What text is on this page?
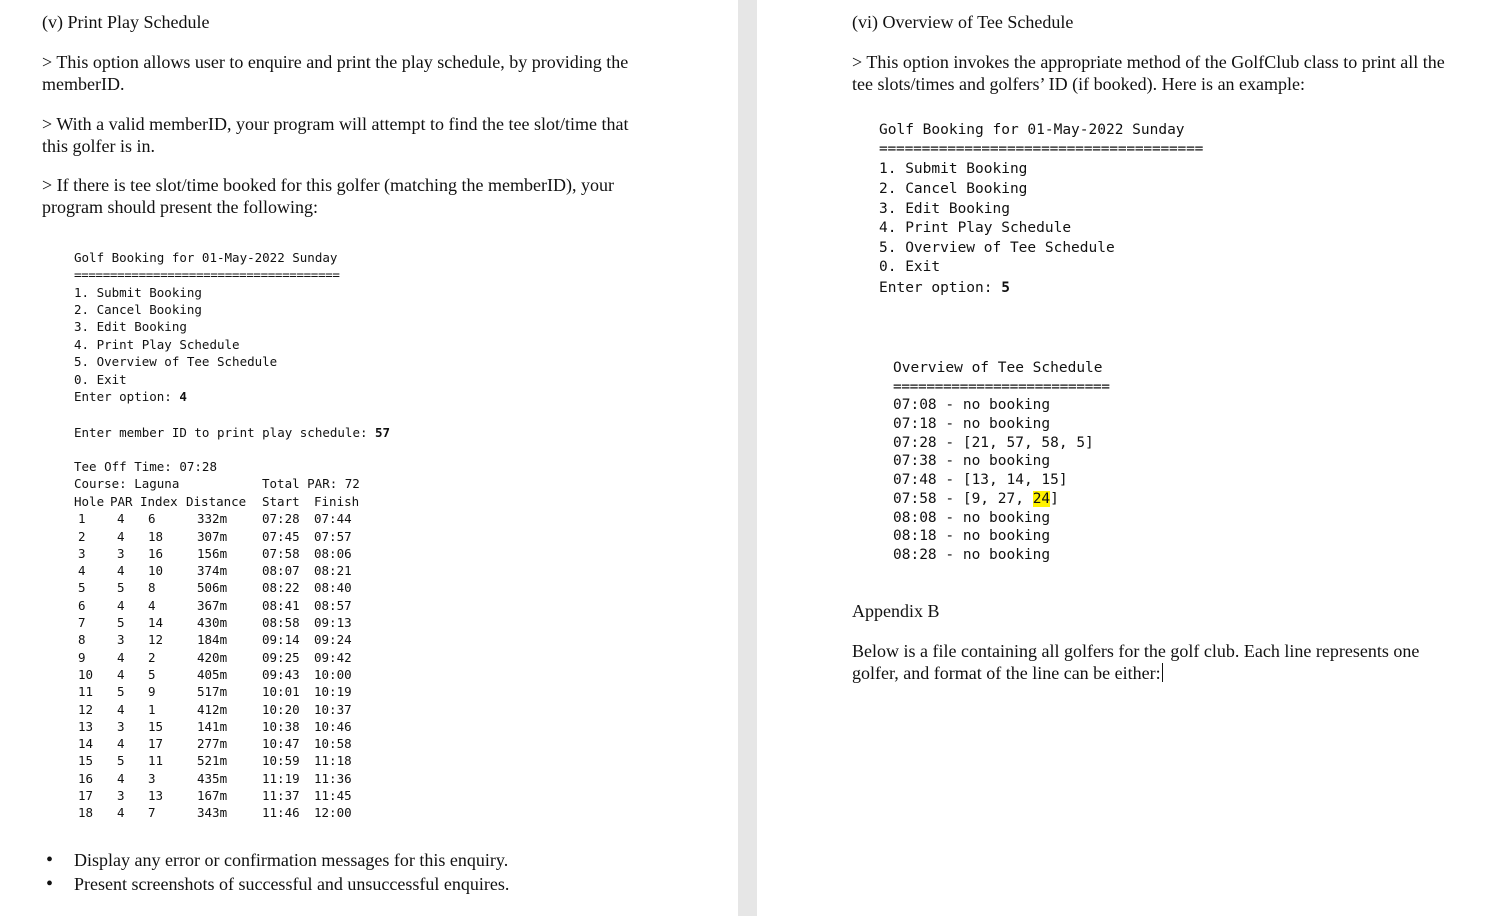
(v) Print Play Schedule
> This option allows user to enquire and print the play schedule, by providing the memberID.
> With a valid memberID, your program will attempt to find the tee slot/time that this golfer is in.
> If there is tee slot/time booked for this golfer (matching the memberID), your program should present the following:
Golf Booking for 01-May-2022 Sunday
=====================================
1. Submit Booking
2. Cancel Booking
3. Edit Booking
4. Print Play Schedule
5. Overview of Tee Schedule
0. Exit
Enter option: 4
Enter member ID to print play schedule: 57
Tee Off Time: 07:28
Course: Laguna	Total PAR: 72
Hole	PAR	Index	Distance	Start	Finish
1	4	6	332m	07:28	07:44
2	4	18	307m	07:45	07:57
3	3	16	156m	07:58	08:06
4	4	10	374m	08:07	08:21
5	5	8	506m	08:22	08:40
6	4	4	367m	08:41	08:57
7	5	14	430m	08:58	09:13
8	3	12	184m	09:14	09:24
9	4	2	420m	09:25	09:42
10	4	5	405m	09:43	10:00
11	5	9	517m	10:01	10:19
12	4	1	412m	10:20	10:37
13	3	15	141m	10:38	10:46
14	4	17	277m	10:47	10:58
15	5	11	521m	10:59	11:18
16	4	3	435m	11:19	11:36
17	3	13	167m	11:37	11:45
18	4	7	343m	11:46	12:00
• Display any error or confirmation messages for this enquiry.
• Present screenshots of successful and unsuccessful enquires.
(vi) Overview of Tee Schedule
> This option invokes the appropriate method of the GolfClub class to print all the tee slots/times and golfers’ ID (if booked). Here is an example:
Golf Booking for 01-May-2022 Sunday
======================================
1. Submit Booking
2. Cancel Booking
3. Edit Booking
4. Print Play Schedule
5. Overview of Tee Schedule
0. Exit
Enter option: 5
Overview of Tee Schedule
==========================
07:08 - no booking
07:18 - no booking
07:28 - [21, 57, 58, 5]
07:38 - no booking
07:48 - [13, 14, 15]
07:58 - [9, 27, 24]
08:08 - no booking
08:18 - no booking
08:28 - no booking
Appendix B
Below is a file containing all golfers for the golf club. Each line represents one golfer, and format of the line can be either:
